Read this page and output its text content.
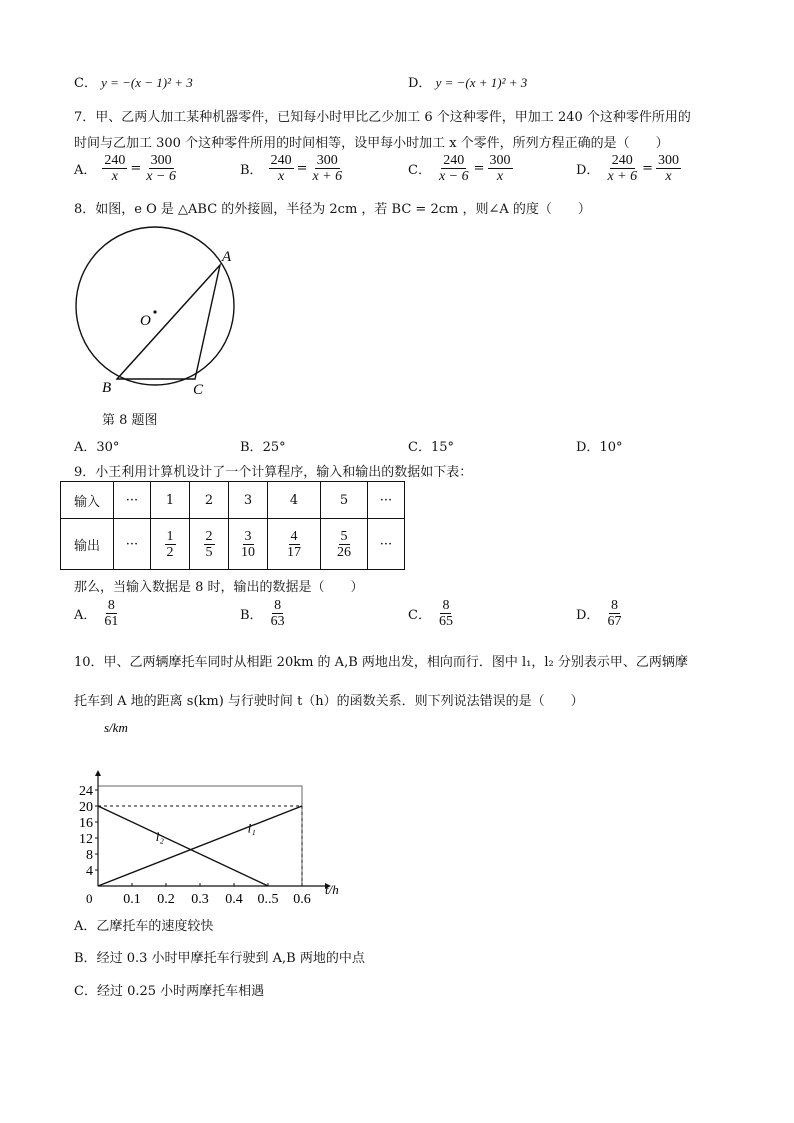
C． y = −(x − 1)² + 3	D． y = −(x + 1)² + 3
7．甲、乙两人加工某种机器零件，已知每小时甲比乙少加工 6 个这种零件，甲加工 240 个这种零件所用的
时间与乙加工 300 个这种零件所用的时间相等，设甲每小时加工 x 个零件，所列方程正确的是（　　）
A． $\frac{240}{x} = \frac{300}{x - 6}$	B． $\frac{240}{x} = \frac{300}{x + 6}$	C． $\frac{240}{x - 6} = \frac{300}{x}$	D． $\frac{240}{x + 6} = \frac{300}{x}$
8．如图，e O 是 △ABC 的外接圆，半径为 2cm ，若 BC = 2cm ，则∠A 的度（　　）
A
B	C
O
第 8 题图
A．30°	B．25°	C．15°	D．10°
9．小王利用计算机设计了一个计算程序，输入和输出的数据如下表：
输入	···	1	2	3	4	5	···
输出	···	$\frac{1}{2}$	$\frac{2}{5}$	$\frac{3}{10}$	$\frac{4}{17}$	$\frac{5}{26}$	···
那么，当输入数据是 8 时，输出的数据是（　　）
A． $\frac{8}{61}$	B． $\frac{8}{63}$	C． $\frac{8}{65}$	D． $\frac{8}{67}$
10．甲、乙两辆摩托车同时从相距 20km 的 A,B 两地出发，相向而行．图中 l₁，l₂ 分别表示甲、乙两辆摩
托车到 A 地的距离 s(km) 与行驶时间 t（h）的函数关系．则下列说法错误的是（　　）
l₁
l₂
4
8
12
16
20
24
0.1 0.2 0.3 0.4 0..5 0.6
s/km
t/h
0
A．乙摩托车的速度较快
B．经过 0.3 小时甲摩托车行驶到 A,B 两地的中点
C．经过 0.25 小时两摩托车相遇
